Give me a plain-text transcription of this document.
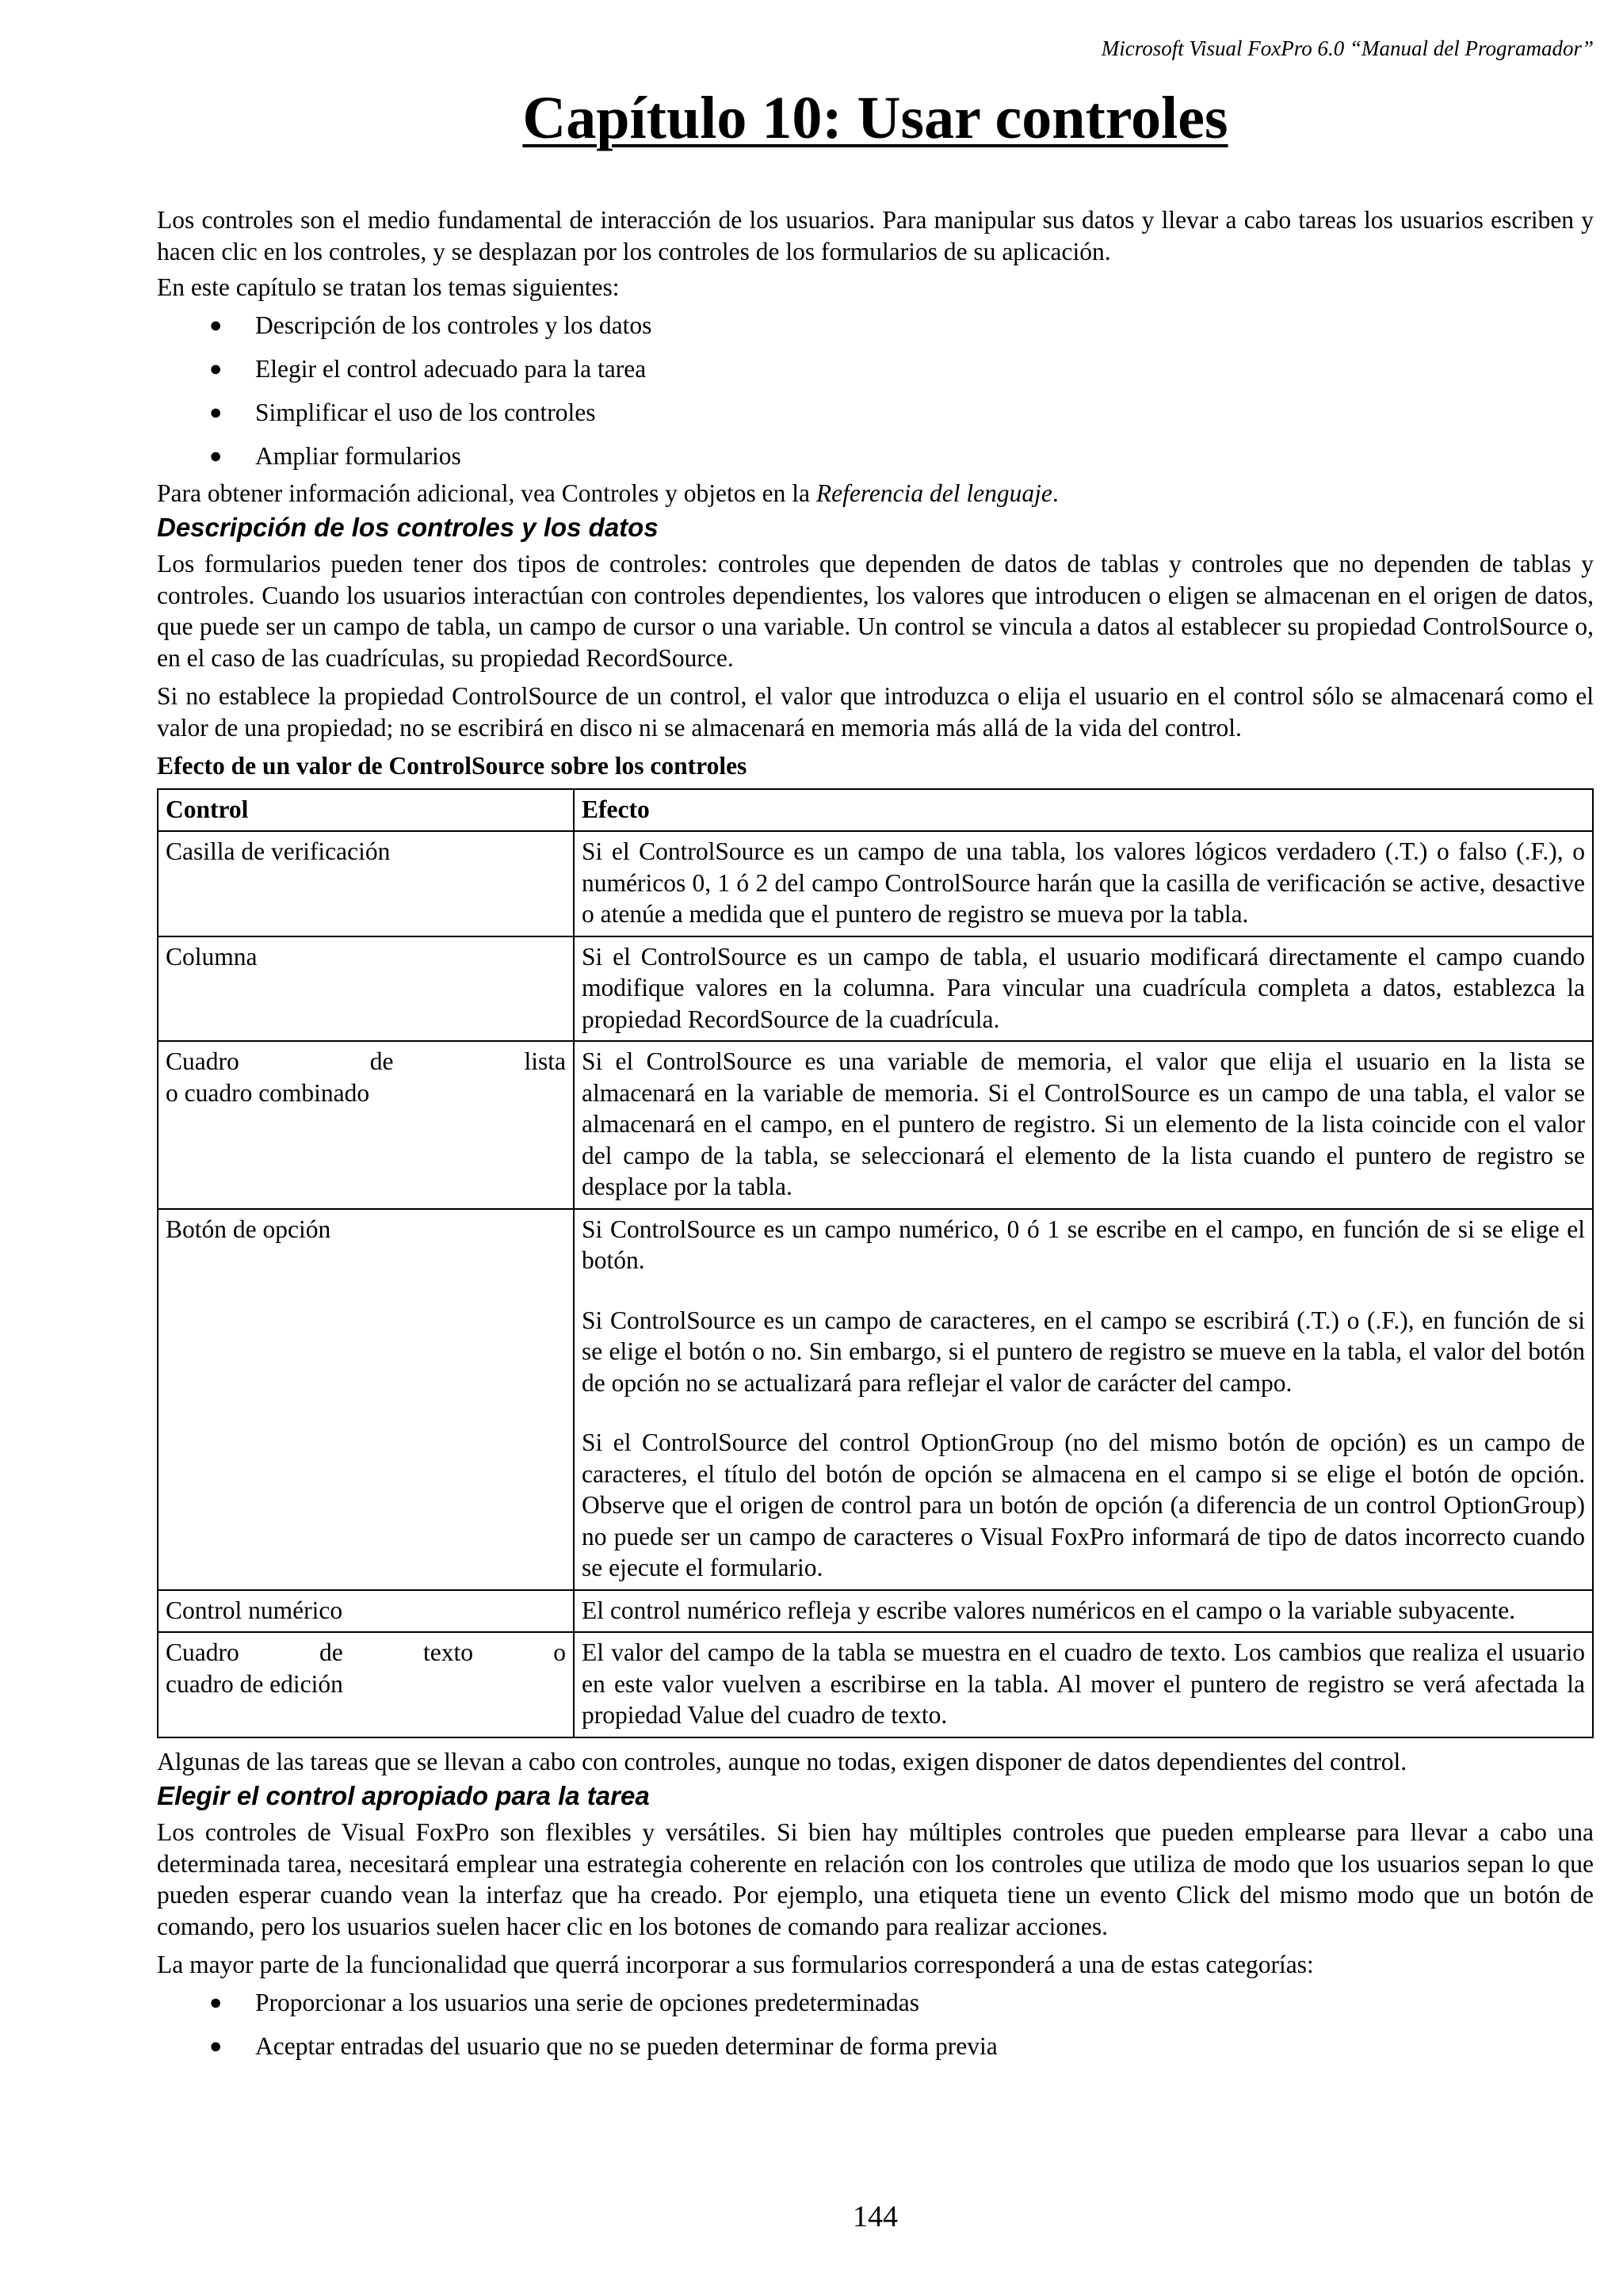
Microsoft Visual FoxPro 6.0 “Manual del Programador”
Capítulo 10: Usar controles

Los controles son el medio fundamental de interacción de los usuarios. Para manipular sus datos y llevar a cabo tareas los usuarios escriben y hacen clic en los controles, y se desplazan por los controles de los formularios de su aplicación.

En este capítulo se tratan los temas siguientes:

● Descripción de los controles y los datos
● Elegir el control adecuado para la tarea
● Simplificar el uso de los controles
● Ampliar formularios

Para obtener información adicional, vea Controles y objetos en la Referencia del lenguaje.

Descripción de los controles y los datos

Los formularios pueden tener dos tipos de controles: controles que dependen de datos de tablas y controles que no dependen de tablas y controles. Cuando los usuarios interactúan con controles dependientes, los valores que introducen o eligen se almacenan en el origen de datos, que puede ser un campo de tabla, un campo de cursor o una variable. Un control se vincula a datos al establecer su propiedad ControlSource o, en el caso de las cuadrículas, su propiedad RecordSource.

Si no establece la propiedad ControlSource de un control, el valor que introduzca o elija el usuario en el control sólo se almacenará como el valor de una propiedad; no se escribirá en disco ni se almacenará en memoria más allá de la vida del control.

Efecto de un valor de ControlSource sobre los controles
Control	Efecto
Casilla de verificación	Si el ControlSource es un campo de una tabla, los valores lógicos verdadero (.T.) o falso (.F.), o numéricos 0, 1 ó 2 del campo ControlSource harán que la casilla de verificación se active, desactive o atenúe a medida que el puntero de registro se mueva por la tabla.
Columna	Si el ControlSource es un campo de tabla, el usuario modificará directamente el campo cuando modifique valores en la columna. Para vincular una cuadrícula completa a datos, establezca la propiedad RecordSource de la cuadrícula.

Cuadro de lista
o cuadro combinado	Si el ControlSource es una variable de memoria, el valor que elija el usuario en la lista se almacenará en la variable de memoria. Si el ControlSource es un campo de una tabla, el valor se almacenará en el campo, en el puntero de registro. Si un elemento de la lista coincide con el valor del campo de la tabla, se seleccionará el elemento de la lista cuando el puntero de registro se desplace por la tabla.
Botón de opción	Si ControlSource es un campo numérico, 0 ó 1 se escribe en el campo, en función de si se elige el botón.

Si ControlSource es un campo de caracteres, en el campo se escribirá (.T.) o (.F.), en función de si se elige el botón o no. Sin embargo, si el puntero de registro se mueve en la tabla, el valor del botón de opción no se actualizará para reflejar el valor de carácter del campo.

Si el ControlSource del control OptionGroup (no del mismo botón de opción) es un campo de caracteres, el título del botón de opción se almacena en el campo si se elige el botón de opción. Observe que el origen de control para un botón de opción (a diferencia de un control OptionGroup) no puede ser un campo de caracteres o Visual FoxPro informará de tipo de datos incorrecto cuando se ejecute el formulario.

Control numérico	El control numérico refleja y escribe valores numéricos en el campo o la variable subyacente.

Cuadro de texto o
cuadro de edición	El valor del campo de la tabla se muestra en el cuadro de texto. Los cambios que realiza el usuario en este valor vuelven a escribirse en la tabla. Al mover el puntero de registro se verá afectada la propiedad Value del cuadro de texto.

Algunas de las tareas que se llevan a cabo con controles, aunque no todas, exigen disponer de datos dependientes del control.

Elegir el control apropiado para la tarea

Los controles de Visual FoxPro son flexibles y versátiles. Si bien hay múltiples controles que pueden emplearse para llevar a cabo una determinada tarea, necesitará emplear una estrategia coherente en relación con los controles que utiliza de modo que los usuarios sepan lo que pueden esperar cuando vean la interfaz que ha creado. Por ejemplo, una etiqueta tiene un evento Click del mismo modo que un botón de comando, pero los usuarios suelen hacer clic en los botones de comando para realizar acciones.

La mayor parte de la funcionalidad que querrá incorporar a sus formularios corresponderá a una de estas categorías:

● Proporcionar a los usuarios una serie de opciones predeterminadas
● Aceptar entradas del usuario que no se pueden determinar de forma previa
144
